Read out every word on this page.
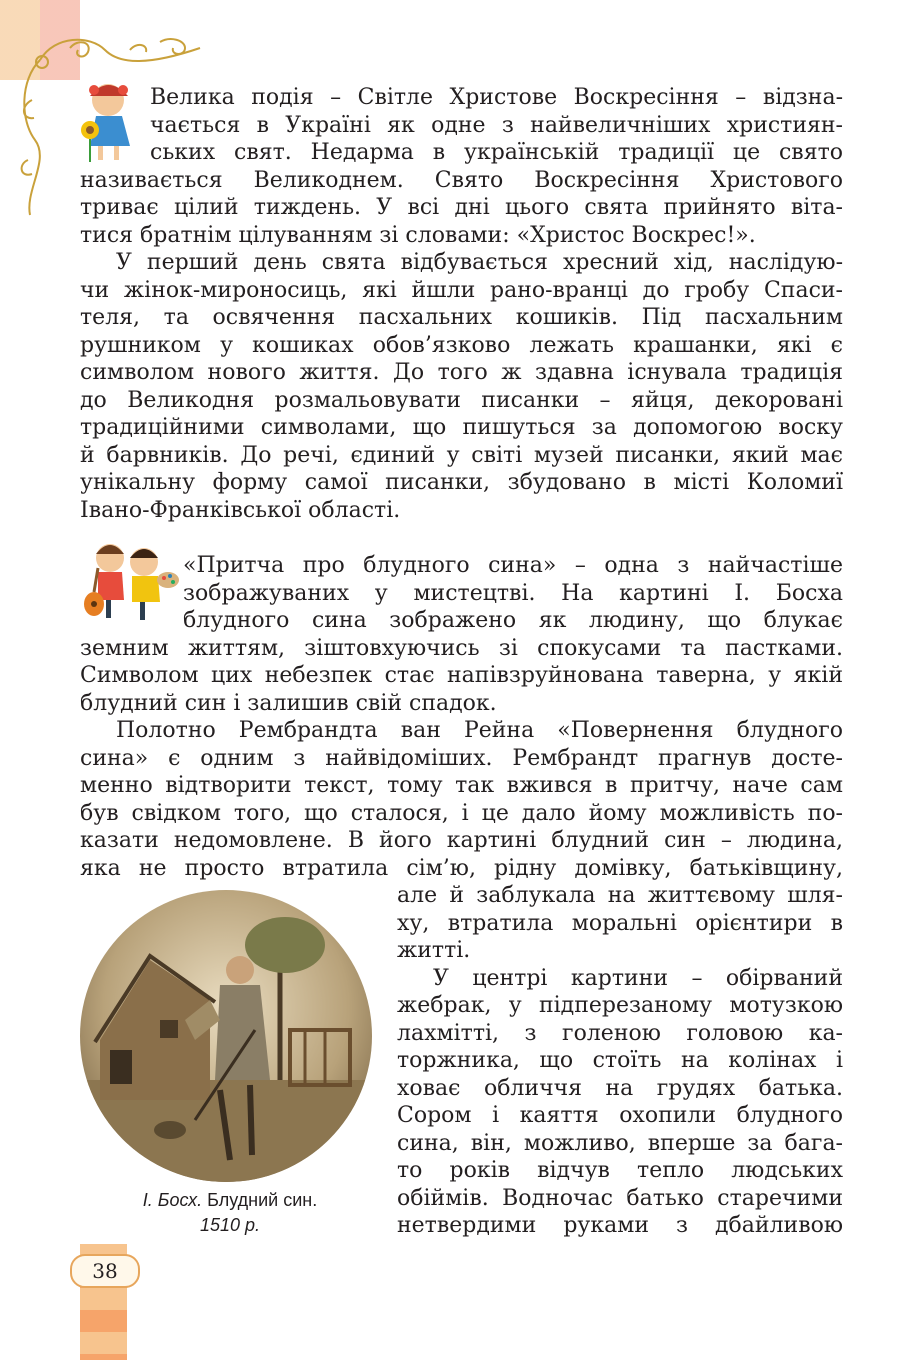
Велика подія – Світле Христове Воскресіння – відзна-
чається в Україні як одне з найвеличніших християн-
ських свят. Недарма в українській традиції це свято
називається Великоднем. Свято Воскресіння Христового
триває цілий тиждень. У всі дні цього свята прийнято віта-
тися братнім цілуванням зі словами: «Христос Воскрес!».
У перший день свята відбувається хресний хід, наслідую-
чи жінок-мироносиць, які йшли рано-вранці до гробу Спаси-
теля, та освячення пасхальних кошиків. Під пасхальним
рушником у кошиках обов’язково лежать крашанки, які є
символом нового життя. До того ж здавна існувала традиція
до Великодня розмальовувати писанки – яйця, декоровані
традиційними символами, що пишуться за допомогою воску
й барвників. До речі, єдиний у світі музей писанки, який має
унікальну форму самої писанки, збудовано в місті Коломиї
Івано-Франківської області.
«Притча про блудного сина» – одна з найчастіше
зображуваних у мистецтві. На картині І. Босха
блудного сина зображено як людину, що блукає
земним життям, зіштовхуючись зі спокусами та пастками.
Символом цих небезпек стає напівзруйнована таверна, у якій
блудний син і залишив свій спадок.
Полотно Рембрандта ван Рейна «Повернення блудного
сина» є одним з найвідоміших. Рембрандт прагнув досте-
менно відтворити текст, тому так вжився в притчу, наче сам
був свідком того, що сталося, і це дало йому можливість по-
казати недомовлене. В його картині блудний син – людина,
яка не просто втратила сім’ю, рідну домівку, батьківщину,
але й заблукала на життєвому шля-
ху, втратила моральні орієнтири в
житті.
У центрі картини – обірваний
жебрак, у підперезаному мотузкою
лахмітті, з голеною головою ка-
торжника, що стоїть на колінах і
ховає обличчя на грудях батька.
Сором і каяття охопили блудного
сина, він, можливо, вперше за бага-
то років відчув тепло людських
обіймів. Водночас батько старечими
нетвердими руками з дбайливою
І. Босх. Блудний син.
1510 р.
38
